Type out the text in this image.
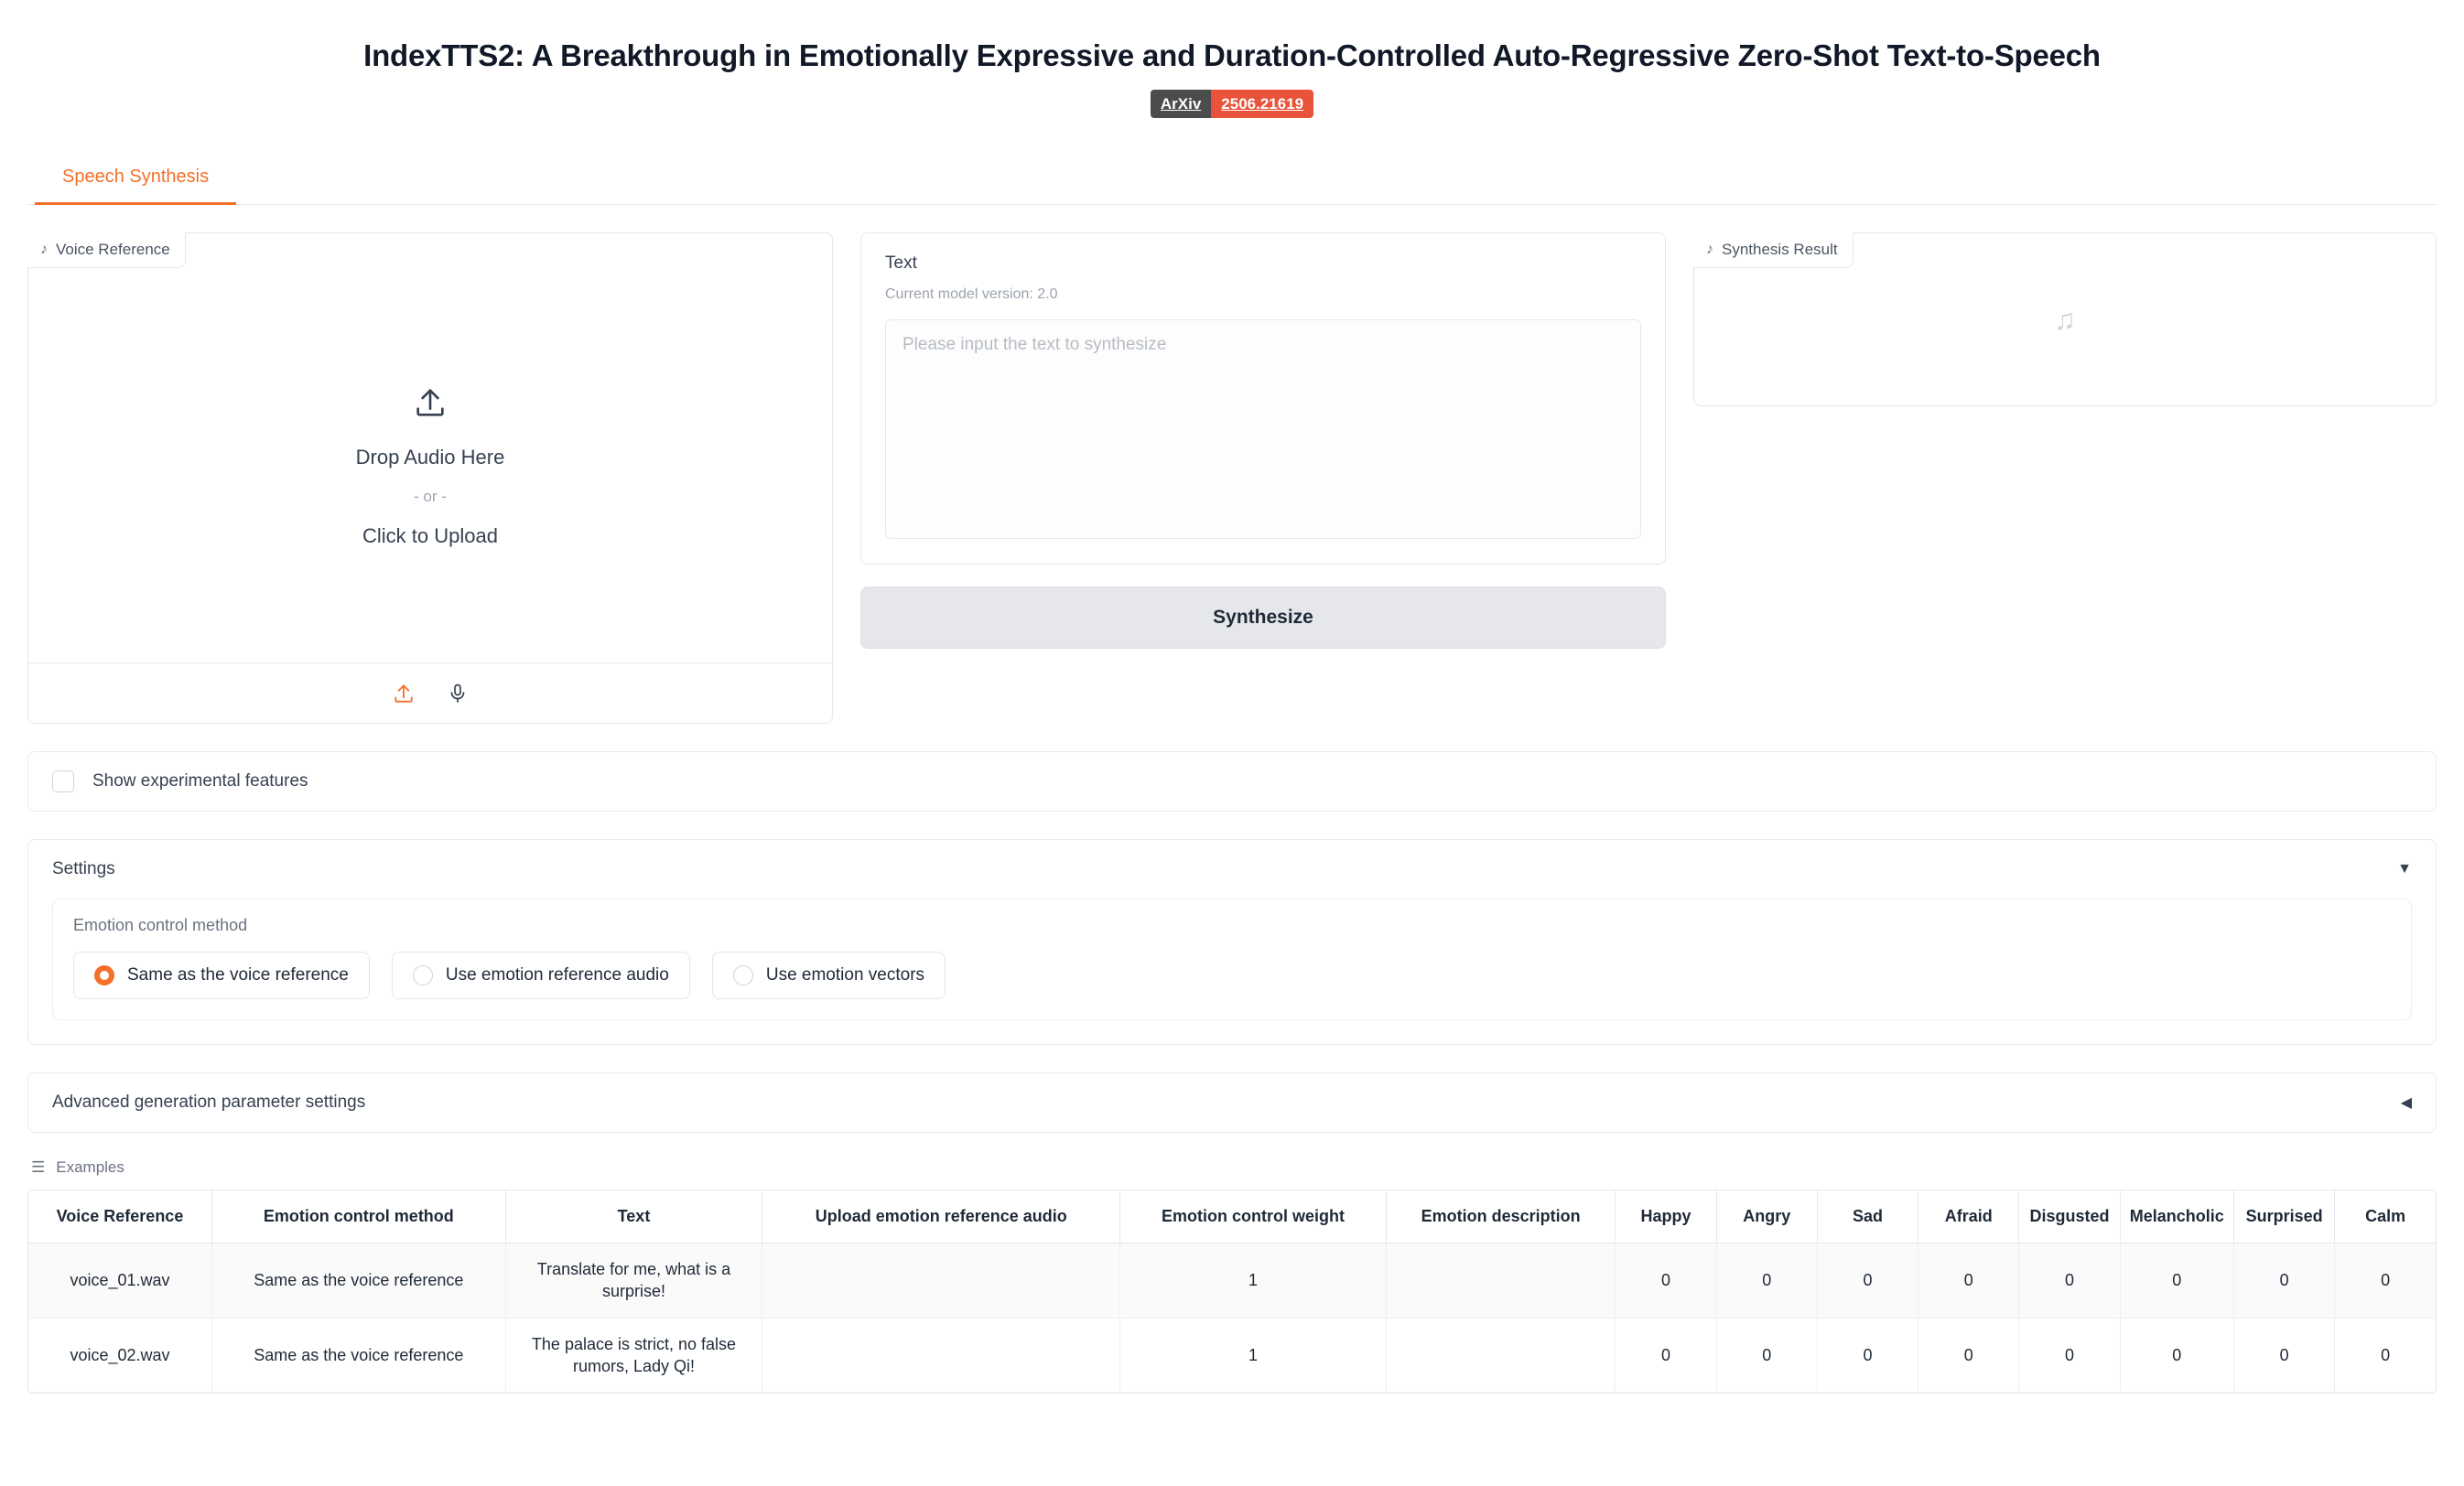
IndexTTS2: A Breakthrough in Emotionally Expressive and Duration-Controlled Auto-Regressive Zero-Shot Text-to-Speech
ArXiv	2506.21619
Speech Synthesis
♪ Voice Reference
Drop Audio Here
- or -
Click to Upload
Text
Current model version: 2.0
Please input the text to synthesize
Synthesize
♪ Synthesis Result
♫
Show experimental features
Settings	▼
Emotion control method
Same as the voice reference	Use emotion reference audio	Use emotion vectors
Advanced generation parameter settings	◀
☰ Examples
Voice Reference	Emotion control method	Text	Upload emotion reference audio	Emotion control weight	Emotion description	Happy	Angry	Sad	Afraid	Disgusted	Melancholic	Surprised	Calm
voice_01.wav	Same as the voice reference	Translate for me, what is a surprise!		1		0	0	0	0	0	0	0	0
voice_02.wav	Same as the voice reference	The palace is strict, no false rumors, Lady Qi!		1		0	0	0	0	0	0	0	0
